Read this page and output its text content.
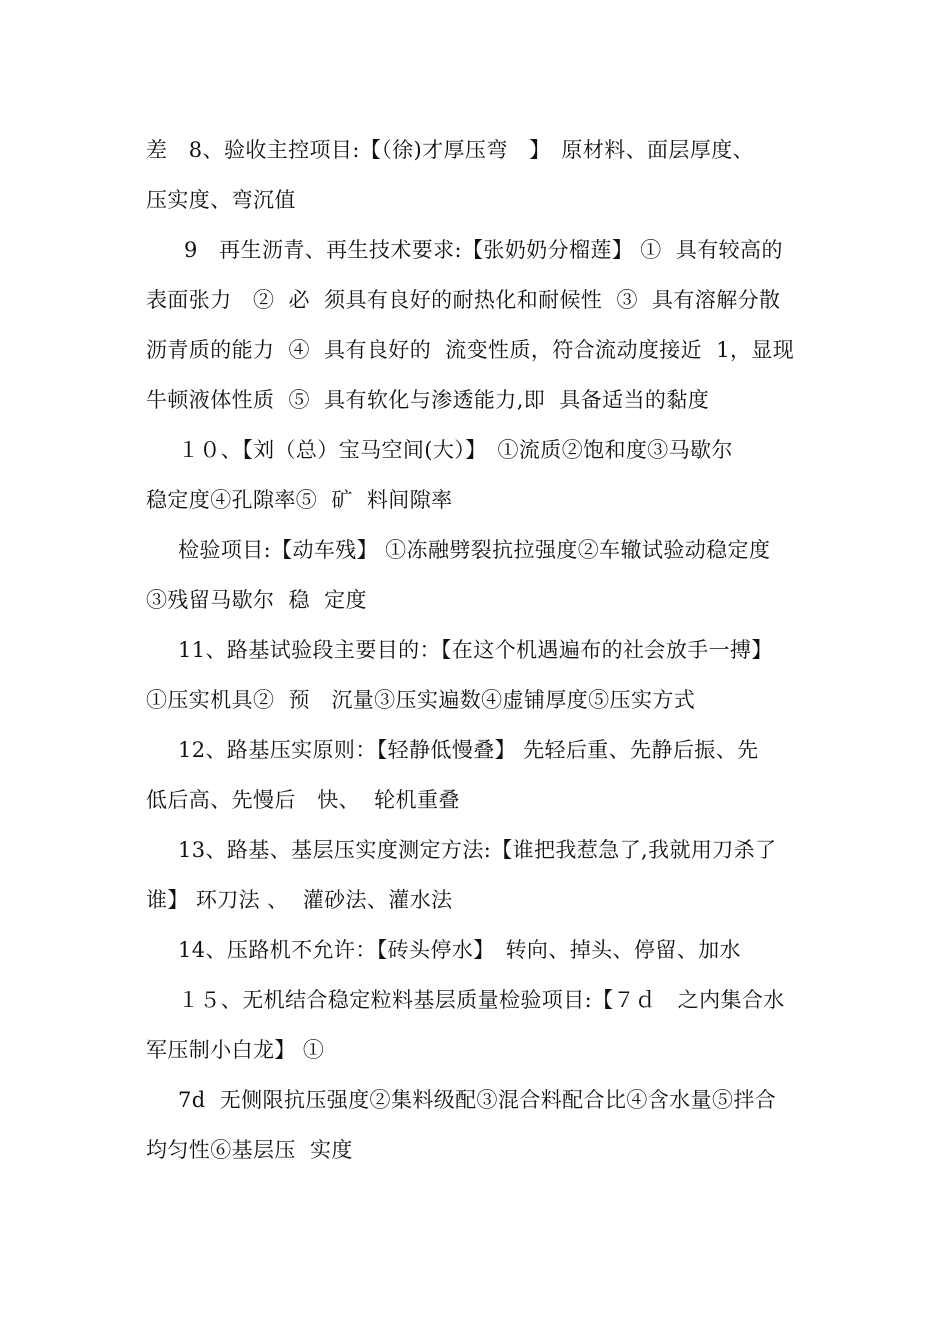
差　8、验收主控项目:【（徐)才厚压弯　】　原材料、面层厚度、
压实度、弯沉值
9　再生沥青、再生技术要求:【张奶奶分榴莲】 ①  具有较高的
表面张力　②  必  须具有良好的耐热化和耐候性  ③  具有溶解分散
沥青质的能力  ④  具有良好的  流变性质，符合流动度接近  1，显现
牛顿液体性质  ⑤  具有软化与渗透能力,即  具备适当的黏度
１０、【刘（总）宝马空间(大）】　①流质②饱和度③马歇尔
稳定度④孔隙率⑤  矿  料间隙率
检验项目:【动车残】 ①冻融劈裂抗拉强度②车辙试验动稳定度
③残留马歇尔  稳  定度
11、路基试验段主要目的：【在这个机遇遍布的社会放手一搏】
①压实机具②  预　沉量③压实遍数④虚铺厚度⑤压实方式
12、路基压实原则：【轻静低慢叠】 先轻后重、先静后振、先
低后高、先慢后　快、  轮机重叠
13、路基、基层压实度测定方法:【谁把我惹急了,我就用刀杀了
谁】 环刀法 、  灌砂法、灌水法
14、压路机不允许：【砖头停水】　转向、掉头、停留、加水
１５、无机结合稳定粒料基层质量检验项目:【７ｄ　之内集合水
军压制小白龙】 ①
7d  无侧限抗压强度②集料级配③混合料配合比④含水量⑤拌合
均匀性⑥基层压  实度
